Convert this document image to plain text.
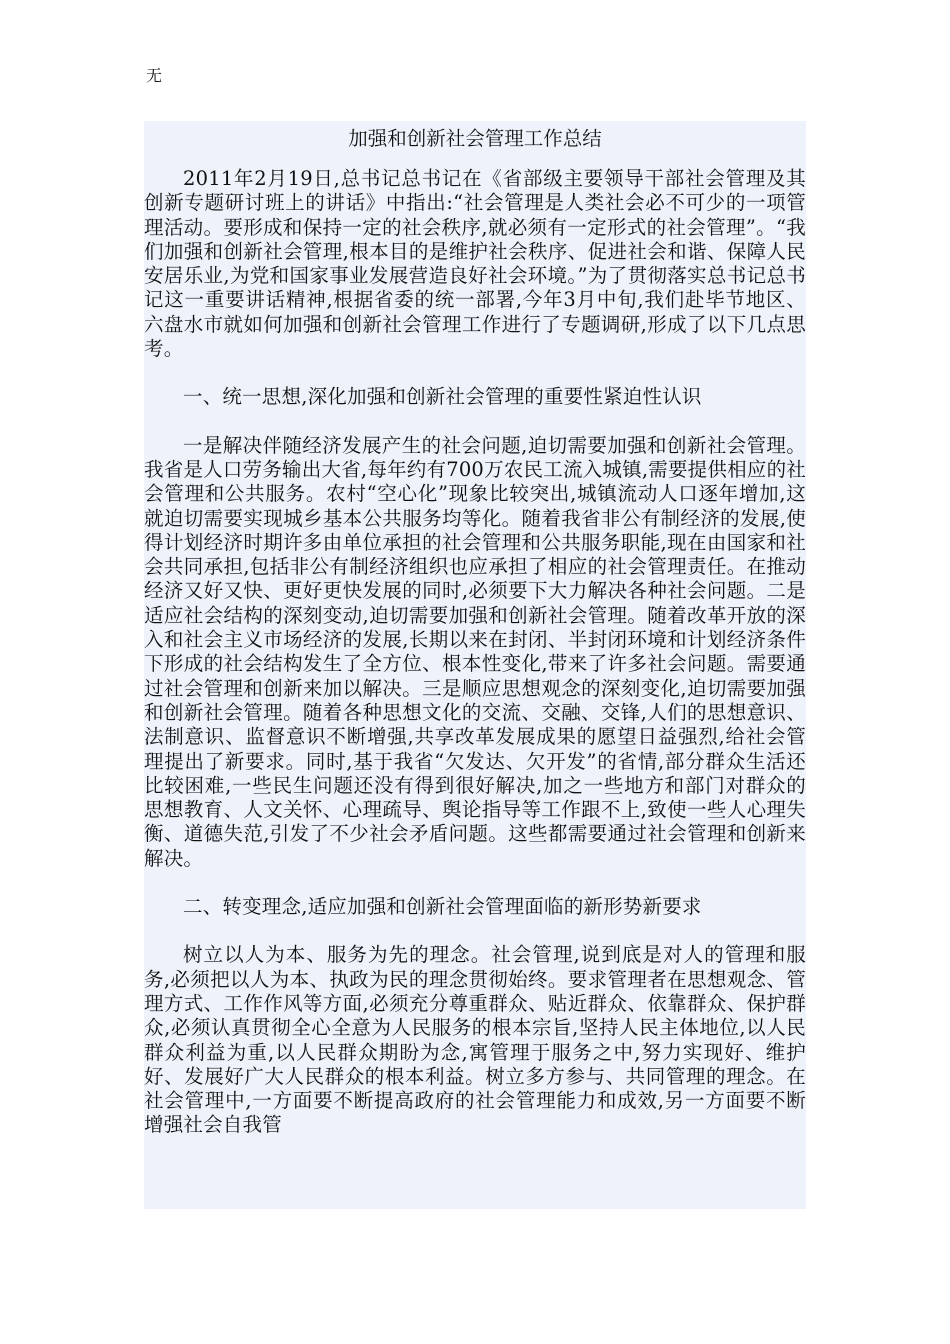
无
加强和创新社会管理工作总结

2011年2月19日,总书记总书记在《省部级主要领导干部社会管理及其创新专题研讨班上的讲话》中指出:“社会管理是人类社会必不可少的一项管理活动。要形成和保持一定的社会秩序,就必须有一定形式的社会管理”。“我们加强和创新社会管理,根本目的是维护社会秩序、促进社会和谐、保障人民安居乐业,为党和国家事业发展营造良好社会环境。”为了贯彻落实总书记总书记这一重要讲话精神,根据省委的统一部署,今年3月中旬,我们赴毕节地区、六盘水市就如何加强和创新社会管理工作进行了专题调研,形成了以下几点思考。

一、统一思想,深化加强和创新社会管理的重要性紧迫性认识

一是解决伴随经济发展产生的社会问题,迫切需要加强和创新社会管理。我省是人口劳务输出大省,每年约有700万农民工流入城镇,需要提供相应的社会管理和公共服务。农村“空心化”现象比较突出,城镇流动人口逐年增加,这就迫切需要实现城乡基本公共服务均等化。随着我省非公有制经济的发展,使得计划经济时期许多由单位承担的社会管理和公共服务职能,现在由国家和社会共同承担,包括非公有制经济组织也应承担了相应的社会管理责任。在推动经济又好又快、更好更快发展的同时,必须要下大力解决各种社会问题。二是适应社会结构的深刻变动,迫切需要加强和创新社会管理。随着改革开放的深入和社会主义市场经济的发展,长期以来在封闭、半封闭环境和计划经济条件下形成的社会结构发生了全方位、根本性变化,带来了许多社会问题。需要通过社会管理和创新来加以解决。三是顺应思想观念的深刻变化,迫切需要加强和创新社会管理。随着各种思想文化的交流、交融、交锋,人们的思想意识、法制意识、监督意识不断增强,共享改革发展成果的愿望日益强烈,给社会管理提出了新要求。同时,基于我省“欠发达、欠开发”的省情,部分群众生活还比较困难,一些民生问题还没有得到很好解决,加之一些地方和部门对群众的思想教育、人文关怀、心理疏导、舆论指导等工作跟不上,致使一些人心理失衡、道德失范,引发了不少社会矛盾问题。这些都需要通过社会管理和创新来解决。

二、转变理念,适应加强和创新社会管理面临的新形势新要求

树立以人为本、服务为先的理念。社会管理,说到底是对人的管理和服务,必须把以人为本、执政为民的理念贯彻始终。要求管理者在思想观念、管理方式、工作作风等方面,必须充分尊重群众、贴近群众、依靠群众、保护群众,必须认真贯彻全心全意为人民服务的根本宗旨,坚持人民主体地位,以人民群众利益为重,以人民群众期盼为念,寓管理于服务之中,努力实现好、维护好、发展好广大人民群众的根本利益。树立多方参与、共同管理的理念。在社会管理中,一方面要不断提高政府的社会管理能力和成效,另一方面要不断增强社会自我管
